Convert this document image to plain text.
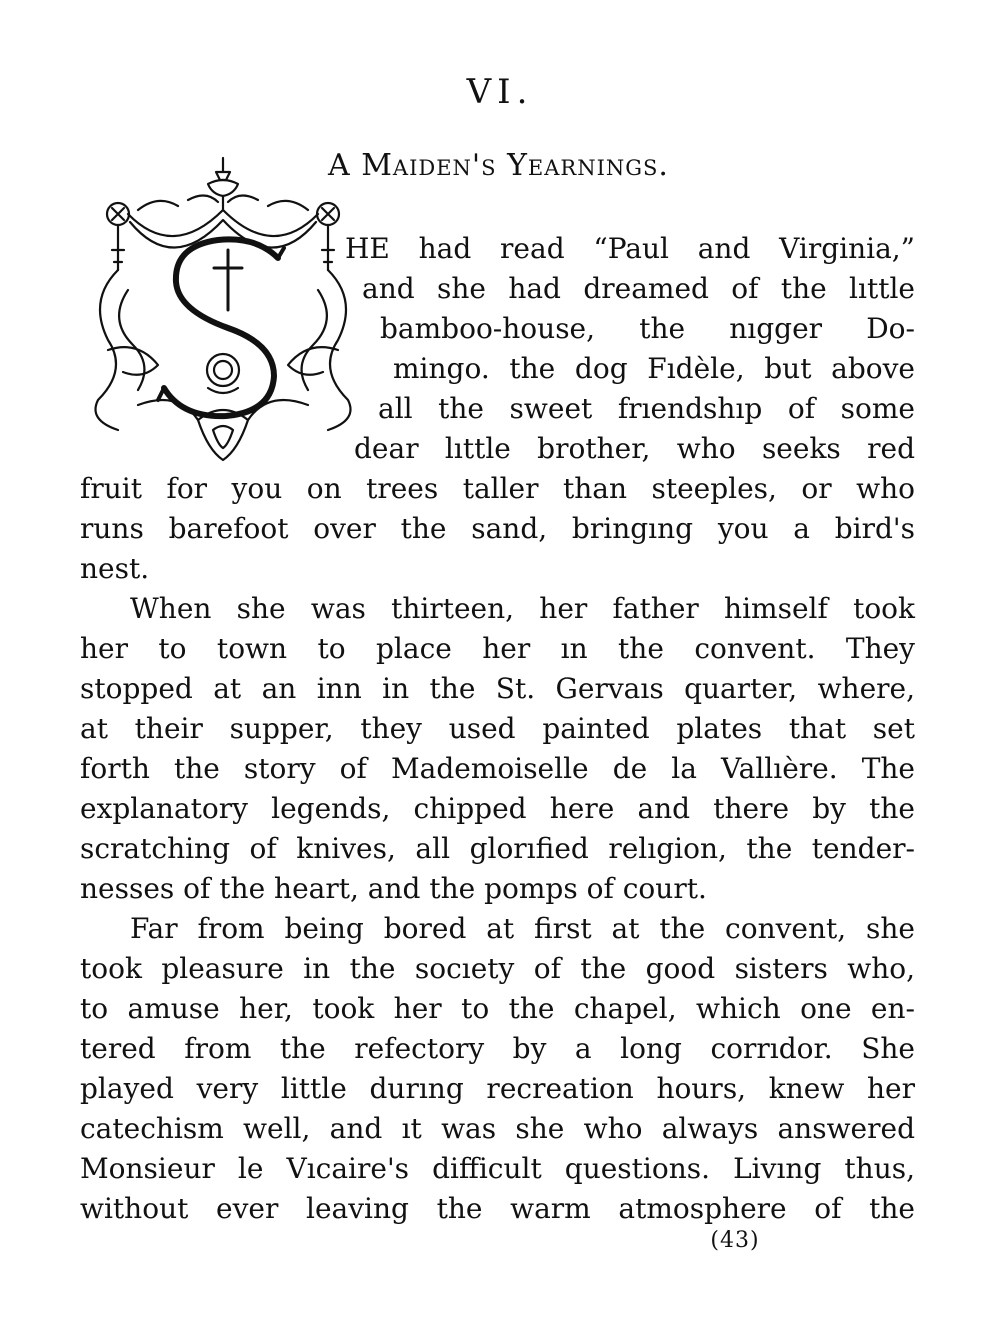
VI.
A Maiden's Yearnings.
HE had read “Paul and Virginia,”
and she had dreamed of the lıttle
bamboo-house, the nıgger Do-
mingo. the dog Fıdèle, but above
all the sweet frıendshıp of some
dear lıttle brother, who seeks red
fruit for you on trees taller than steeples, or who
runs barefoot over the sand, bringıng you a bird's
nest.
When she was thirteen, her father himself took
her to town to place her ın the convent. They
stopped at an inn in the St. Gervaıs quarter, where,
at their supper, they used painted plates that set
forth the story of Mademoiselle de la Vallıère. The
explanatory legends, chipped here and there by the
scratching of knives, all glorıfied relıgion, the tender-
nesses of the heart, and the pomps of court.
Far from being bored at first at the convent, she
took pleasure in the socıety of the good sisters who,
to amuse her, took her to the chapel, which one en-
tered from the refectory by a long corrıdor. She
played very little durıng recreation hours, knew her
catechism well, and ıt was she who always answered
Monsieur le Vıcaire's difficult questions. Livıng thus,
without ever leaving the warm atmosphere of the
(43)
